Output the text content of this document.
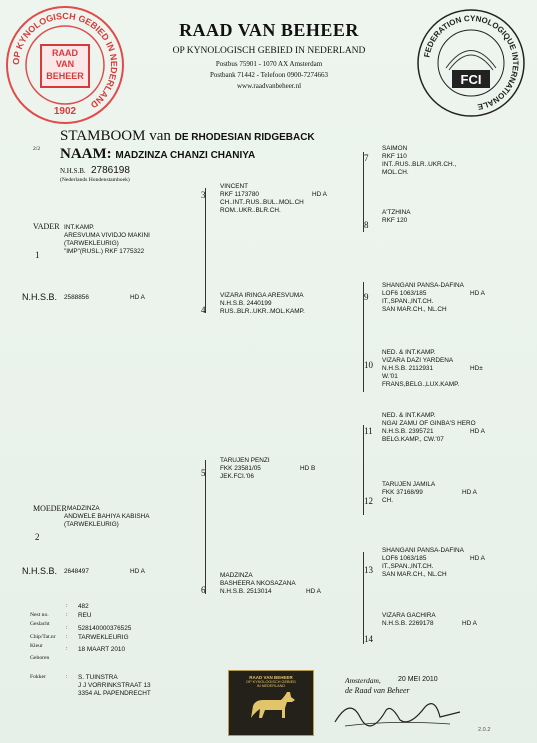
OP KYNOLOGISCH GEBIED IN NEDERLAND
RAAD
VAN
BEHEER
1902
RAAD VAN BEHEER
OP KYNOLOGISCH GEBIED IN NEDERLAND
Postbus 75901 - 1070 AX Amsterdam
Postbank 71442 - Telefoon 0900-7274663
www.raadvanbeheer.nl
FEDERATION CYNOLOGIQUE INTERNATIONALE
FCI
2/2
STAMBOOM van DE RHODESIAN RIDGEBACK
NAAM: MADZINZA CHANZI CHANIYA
N.H.S.B. 2786198
(Nederlands Hondenstamboek)
VADER INT.KAMP.
ARESVUMA VIVIDJO MAKINI
(TARWEKLEURIG)
"IMP"(RUSL.) RKF 1775322
1
N.H.S.B. 2588856	HD A
MOEDER MADZINZA
ANDWELE BAHIYA KABISHA
(TARWEKLEURIG)
2
N.H.S.B. 2648497	HD A
3
VINCENT
RKF 1173780	HD A
CH..INT..RUS..BUL..MOL.CH
ROM..UKR..BLR.CH.
4
VIZARA IRINGA ARESVUMA
N.H.S.B. 2440199
RUS..BLR..UKR..MOL.KAMP.
5
TARUJEN PENZI
FKK 23581/05	HD B
JEK.FCI.'06
6
MADZINZA
BASHEERA NKOSAZANA
N.H.S.B. 2513014	HD A
7
SAIMON
RKF 110
INT..RUS..BLR..UKR.CH.,
MOL.CH.
8
A'TZHINA
RKF 120
9
SHANGANI PANSA-DAFINA
LOF6 1063/185	HD A
IT.,SPAN.,INT.CH.
SAN MAR.CH., NL.CH
10
NED. & INT.KAMP.
VIZARA DAZI YARDENA
N.H.S.B. 2112931	HD±
W.'01
FRANS,BELG.,LUX.KAMP.
11
NED. & INT.KAMP.
NGAI ZAMU OF GINBA'S HERO
N.H.S.B. 2395721	HD A
BELG.KAMP., CW.'07
12
TARUJEN JAMILA
FKK 37168/99	HD A
CH.
13
SHANGANI PANSA-DAFINA
LOF6 1063/185	HD A
IT.,SPAN.,INT.CH.
SAN MAR.CH., NL.CH
14
VIZARA GACHIRA
N.H.S.B. 2269178	HD A
Nest no.
: 482
Geslacht
: REU
Chip/Tat.nr
: 528140000376525
Kleur
: TARWEKLEURIG
Geboren
: 18 MAART 2010
Fokker	: S. TUINSTRA
J J VORRINKSTRAAT 13
3354 AL PAPENDRECHT
RAAD VAN BEHEER
OP KYNOLOGISCH GEBIED
IN NEDERLAND
Amsterdam, 20 MEI 2010
de Raad van Beheer
2.0.2
